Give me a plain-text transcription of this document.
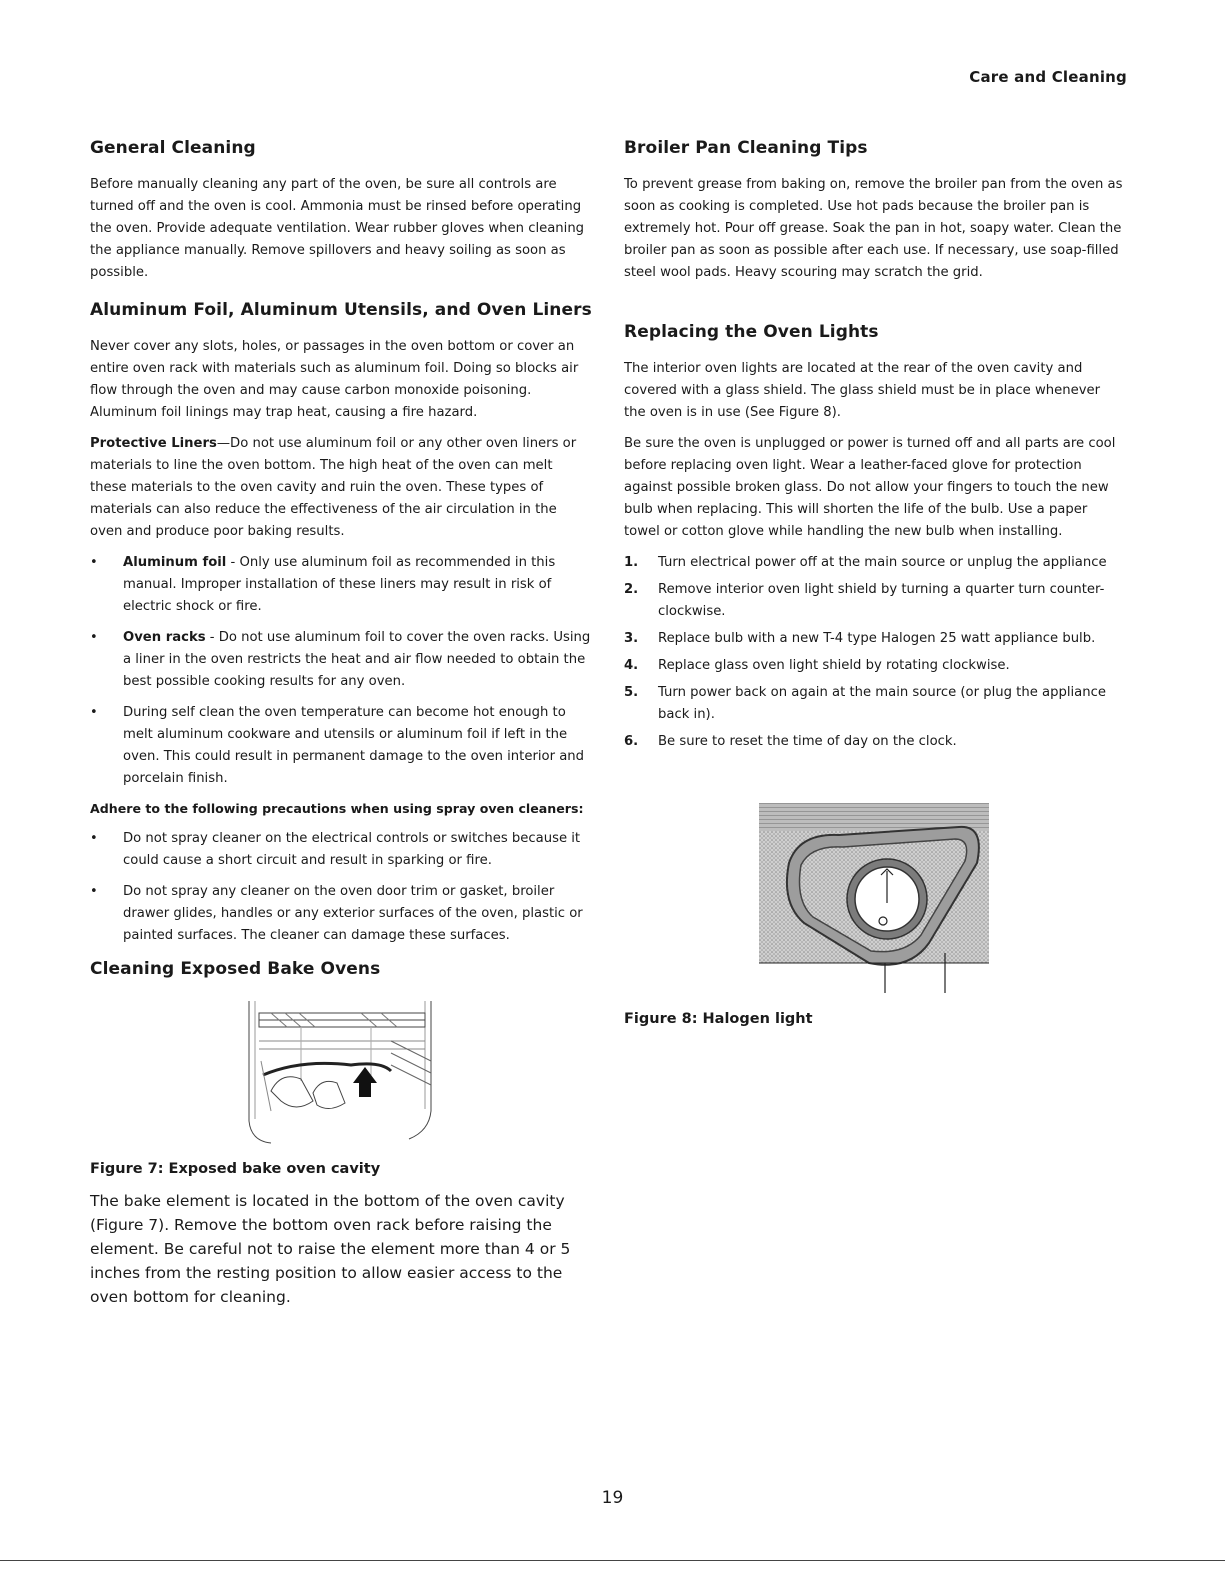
Care and Cleaning
General Cleaning

Before manually cleaning any part of the oven, be sure all controls are turned off and the oven is cool. Ammonia must be rinsed before operating the oven. Provide adequate ventilation. Wear rubber gloves when cleaning the appliance manually. Remove spillovers and heavy soiling as soon as possible.

Aluminum Foil, Aluminum Utensils, and Oven Liners

Never cover any slots, holes, or passages in the oven bottom or cover an entire oven rack with materials such as aluminum foil. Doing so blocks air flow through the oven and may cause carbon monoxide poisoning. Aluminum foil linings may trap heat, causing a fire hazard.

Protective Liners—Do not use aluminum foil or any other oven liners or materials to line the oven bottom. The high heat of the oven can melt these materials to the oven cavity and ruin the oven. These types of materials can also reduce the effectiveness of the air circulation in the oven and produce poor baking results.

• Aluminum foil - Only use aluminum foil as recommended in this manual. Improper installation of these liners may result in risk of electric shock or fire.
• Oven racks - Do not use aluminum foil to cover the oven racks. Using a liner in the oven restricts the heat and air flow needed to obtain the best possible cooking results for any oven.
• During self clean the oven temperature can become hot enough to melt aluminum cookware and utensils or aluminum foil if left in the oven. This could result in permanent damage to the oven interior and porcelain finish.
Adhere to the following precautions when using spray oven cleaners:
• Do not spray cleaner on the electrical controls or switches because it could cause a short circuit and result in sparking or fire.
• Do not spray any cleaner on the oven door trim or gasket, broiler drawer glides, handles or any exterior surfaces of the oven, plastic or painted surfaces. The cleaner can damage these surfaces.
Cleaning Exposed Bake Ovens
Figure 7: Exposed bake oven cavity

The bake element is located in the bottom of the oven cavity (Figure 7). Remove the bottom oven rack before raising the element. Be careful not to raise the element more than 4 or 5 inches from the resting position to allow easier access to the oven bottom for cleaning.

Broiler Pan Cleaning Tips

To prevent grease from baking on, remove the broiler pan from the oven as soon as cooking is completed. Use hot pads because the broiler pan is extremely hot. Pour off grease. Soak the pan in hot, soapy water. Clean the broiler pan as soon as possible after each use. If necessary, use soap-filled steel wool pads. Heavy scouring may scratch the grid.

Replacing the Oven Lights

The interior oven lights are located at the rear of the oven cavity and covered with a glass shield. The glass shield must be in place whenever the oven is in use (See Figure 8).

Be sure the oven is unplugged or power is turned off and all parts are cool before replacing oven light. Wear a leather-faced glove for protection against possible broken glass. Do not allow your fingers to touch the new bulb when replacing. This will shorten the life of the bulb. Use a paper towel or cotton glove while handling the new bulb when installing.

1. Turn electrical power off at the main source or unplug the appliance
2. Remove interior oven light shield by turning a quarter turn counter-clockwise.
3. Replace bulb with a new T-4 type Halogen 25 watt appliance bulb.
4. Replace glass oven light shield by rotating clockwise.
5. Turn power back on again at the main source (or plug the appliance back in).
6. Be sure to reset the time of day on the clock.
Figure 8: Halogen light
19
